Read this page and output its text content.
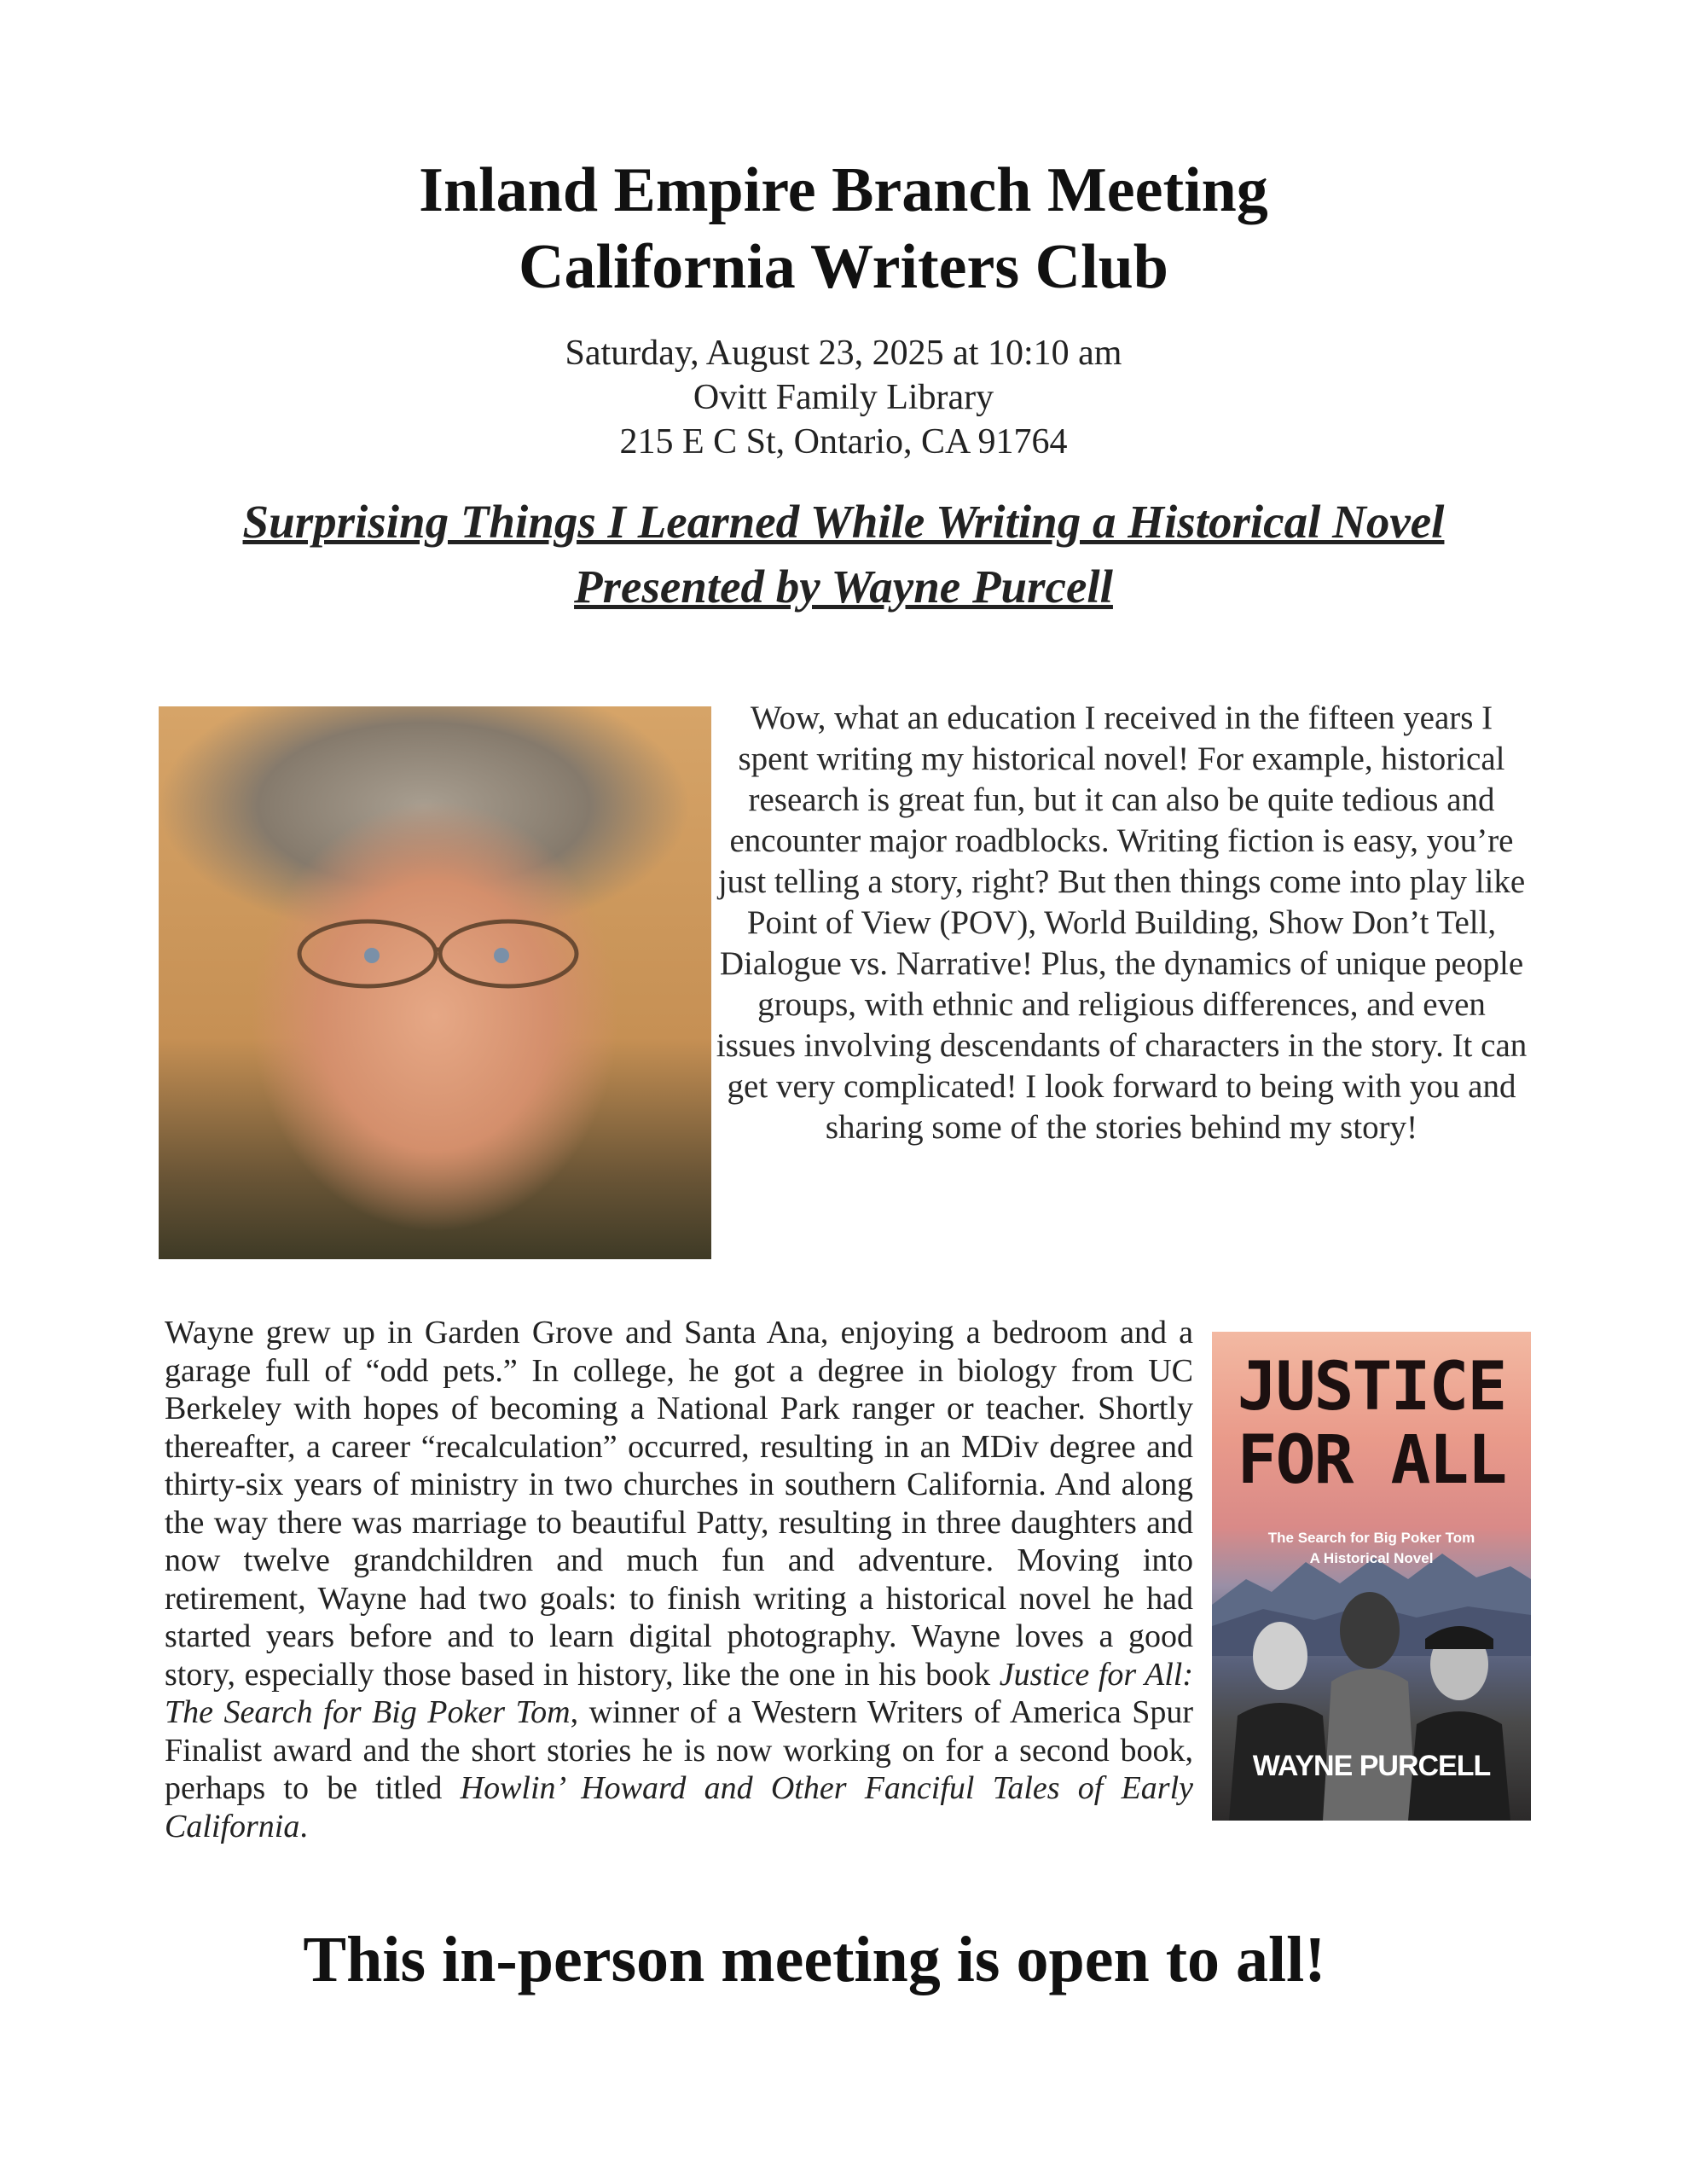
Inland Empire Branch Meeting
California Writers Club
Saturday, August 23, 2025 at 10:10 am
Ovitt Family Library
215 E C St, Ontario, CA 91764
Surprising Things I Learned While Writing a Historical Novel
Presented by Wayne Purcell
Wow, what an education I received in the fifteen years I spent writing my historical novel! For example, historical research is great fun, but it can also be quite tedious and encounter major roadblocks. Writing fiction is easy, you’re just telling a story, right? But then things come into play like Point of View (POV), World Building, Show Don’t Tell, Dialogue vs. Narrative! Plus, the dynamics of unique people groups, with ethnic and religious differences, and even issues involving descendants of characters in the story. It can get very complicated! I look forward to being with you and sharing some of the stories behind my story!
Wayne grew up in Garden Grove and Santa Ana, enjoying a bedroom and a garage full of “odd pets.” In college, he got a degree in biology from UC Berkeley with hopes of becoming a National Park ranger or teacher. Shortly thereafter, a career “recalculation” occurred, resulting in an MDiv degree and thirty-six years of ministry in two churches in southern California. And along the way there was marriage to beautiful Patty, resulting in three daughters and now twelve grandchildren and much fun and adventure. Moving into retirement, Wayne had two goals: to finish writing a historical novel he had started years before and to learn digital photography. Wayne loves a good story, especially those based in history, like the one in his book Justice for All: The Search for Big Poker Tom, winner of a Western Writers of America Spur Finalist award and the short stories he is now working on for a second book, perhaps to be titled Howlin’ Howard and Other Fanciful Tales of Early California.
JUSTICE
FOR ALL
The Search for Big Poker Tom
A Historical Novel
WAYNE PURCELL
This in-person meeting is open to all!
